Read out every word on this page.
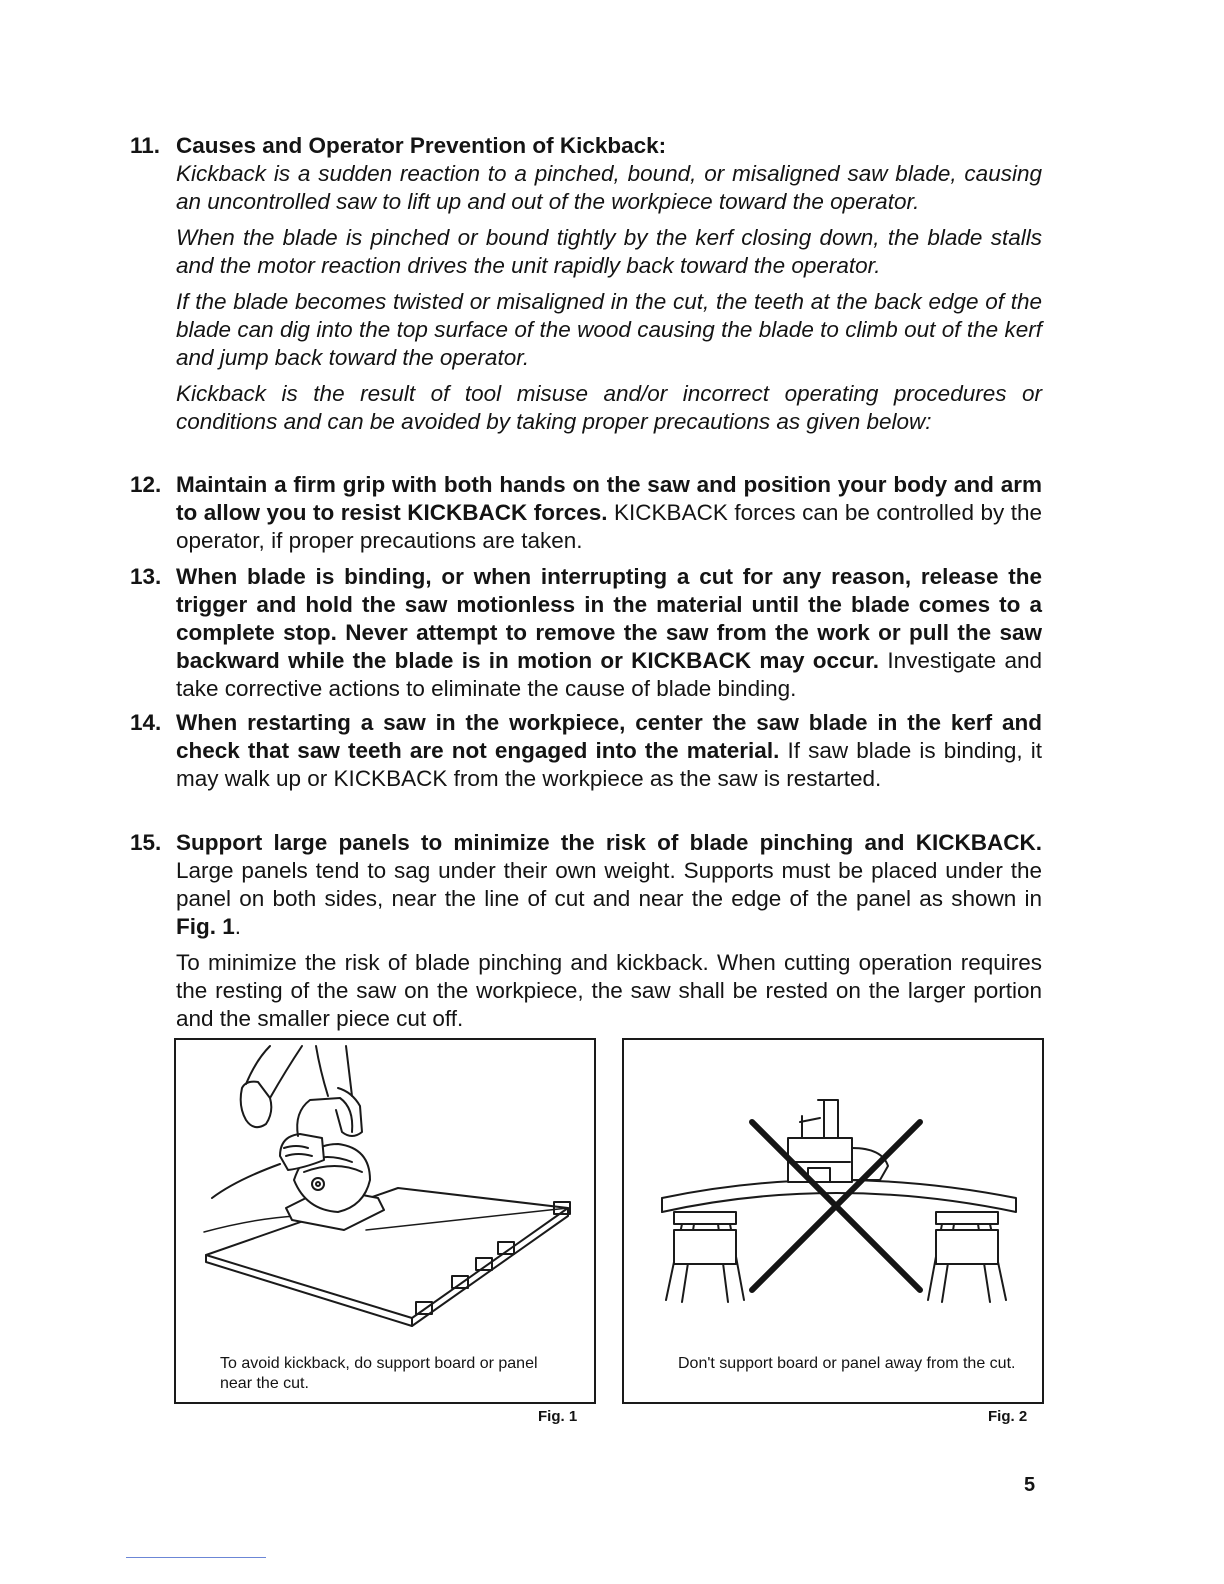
11. Causes and Operator Prevention of Kickback:

Kickback is a sudden reaction to a pinched, bound, or misaligned saw blade, causing an uncontrolled saw to lift up and out of the workpiece toward the operator.

When the blade is pinched or bound tightly by the kerf closing down, the blade stalls and the motor reaction drives the unit rapidly back toward the operator.

If the blade becomes twisted or misaligned in the cut, the teeth at the back edge of the blade can dig into the top surface of the wood causing the blade to climb out of the kerf and jump back toward the operator.

Kickback is the result of tool misuse and/or incorrect operating procedures or conditions and can be avoided by taking proper precautions as given below:

12. Maintain a firm grip with both hands on the saw and position your body and arm to allow you to resist KICKBACK forces. KICKBACK forces can be controlled by the operator, if proper precautions are taken.

13. When blade is binding, or when interrupting a cut for any reason, release the trigger and hold the saw motionless in the material until the blade comes to a complete stop. Never attempt to remove the saw from the work or pull the saw backward while the blade is in motion or KICKBACK may occur. Investigate and take corrective actions to eliminate the cause of blade binding.

14. When restarting a saw in the workpiece, center the saw blade in the kerf and check that saw teeth are not engaged into the material. If saw blade is binding, it may walk up or KICKBACK from the workpiece as the saw is restarted.

15. Support large panels to minimize the risk of blade pinching and KICKBACK. Large panels tend to sag under their own weight. Supports must be placed under the panel on both sides, near the line of cut and near the edge of the panel as shown in Fig. 1.

To minimize the risk of blade pinching and kickback. When cutting operation requires the resting of the saw on the workpiece, the saw shall be rested on the larger portion and the smaller piece cut off.

To avoid kickback, do support board or panel near the cut.
Fig. 1
Don't support board or panel away from the cut.
Fig. 2
5
